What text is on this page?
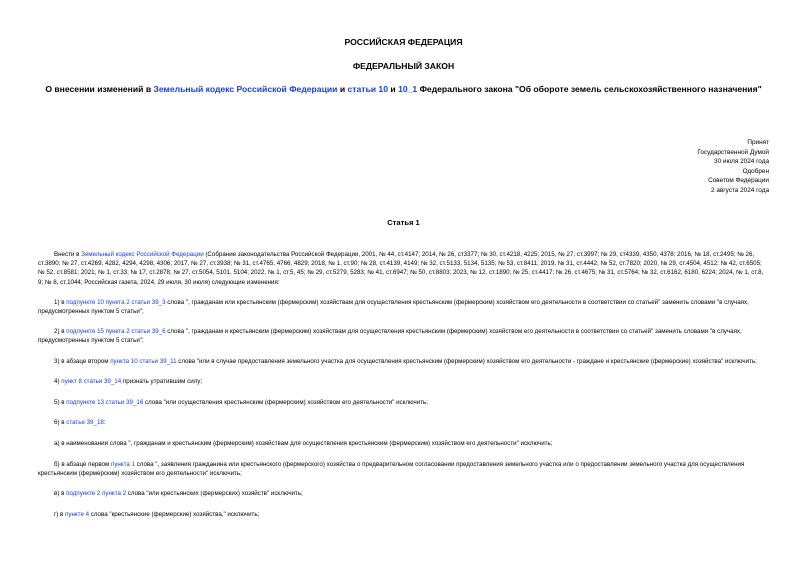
РОССИЙСКАЯ ФЕДЕРАЦИЯ
ФЕДЕРАЛЬНЫЙ ЗАКОН
О внесении изменений в Земельный кодекс Российской Федерации и статьи 10 и 10_1 Федерального закона "Об обороте земель сельскохозяйственного назначения"
Принят
Государственной Думой
30 июля 2024 года
Одобрен
Советом Федерации
2 августа 2024 года
Статья 1

Внести в Земельный кодекс Российской Федерации (Собрание законодательства Российской Федерации, 2001, № 44, ст.4147; 2014, № 26, ст3377; № 30, ст.4218, 4225; 2015, № 27, ст.3997; № 29, ст4339, 4350, 4378; 2016, № 18, ст.2495; № 26, ст.3890; № 27, ст.4269, 4282, 4294, 4298, 4306; 2017, № 27, ст.3938; № 31, ст.4765, 4766, 4829; 2018, № 1, ст.90; № 28, ст.4139, 4149; № 32, ст.5133, 5134, 5135; № 53, ст.8411; 2019, № 31, ст.4442; № 52, ст.7820; 2020, № 29, ст.4504, 4512; № 42, ст.6505; № 52, ст.8581; 2021, № 1, ст.33; № 17, ст.2878; № 27, ст.5054, 5101, 5104; 2022, № 1, ст.5, 45; № 29, ст.5279, 5283; № 41, ст.6947; № 50, ст.8803; 2023, № 12, ст.1890; № 25, ст.4417; № 26, ст.4675; № 31, ст.5764; № 32, ст.6162, 6180, 6224; 2024, № 1, ст.8, 9; № 8, ст.1044; Российская газета, 2024, 29 июля, 30 июля) следующие изменения:

1) в подпункте 10 пункта 2 статьи 39_3 слова ", гражданам или крестьянским (фермерским) хозяйствам для осуществления крестьянским (фермерским) хозяйством его деятельности в соответствии со статьей" заменить словами "в случаях, предусмотренных пунктом 5 статьи";

2) в подпункте 15 пункта 2 статьи 39_6 слова ", гражданам и крестьянским (фермерским) хозяйствам для осуществления крестьянским (фермерским) хозяйством его деятельности в соответствии со статьей" заменить словами "в случаях, предусмотренных пунктом 5 статьи";

3) в абзаце втором пункта 10 статьи 39_11 слова "или в случае предоставления земельного участка для осуществления крестьянским (фермерским) хозяйством его деятельности - граждане и крестьянские (фермерские) хозяйства" исключить;

4) пункт 8 статьи 39_14 признать утратившим силу;

5) в подпункте 13 статьи 39_16 слова "или осуществления крестьянским (фермерским) хозяйством его деятельности" исключить;

6) в статье 39_18:

а) в наименовании слова ", гражданам и крестьянским (фермерским) хозяйствам для осуществления крестьянским (фермерским) хозяйством его деятельности" исключить;

б) в абзаце первом пункта 1 слова ", заявления гражданина или крестьянского (фермерского) хозяйства о предварительном согласовании предоставления земельного участка или о предоставлении земельного участка для осуществления крестьянским (фермерским) хозяйством его деятельности" исключить;

в) в подпункте 2 пункта 2 слова "или крестьянских (фермерских) хозяйств" исключить;

г) в пункте 4 слова "крестьянские (фермерские) хозяйства," исключить;
